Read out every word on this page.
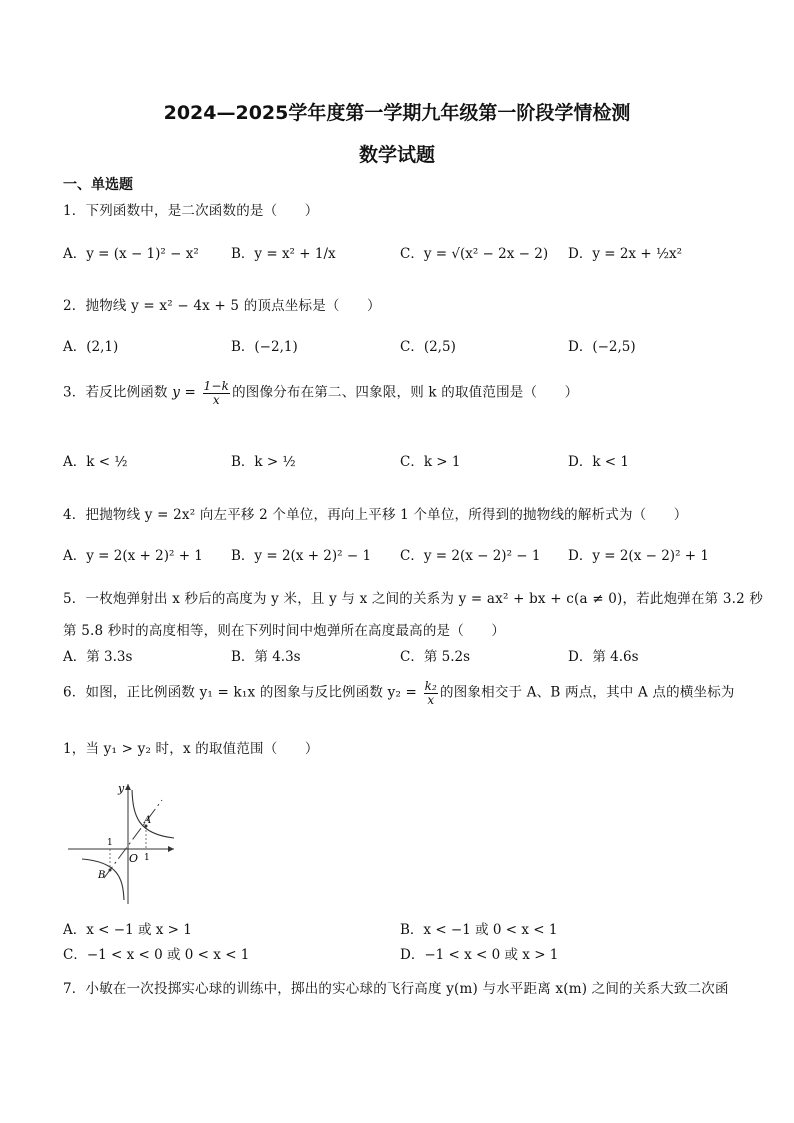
2024—2025学年度第一学期九年级第一阶段学情检测
数学试题
一、单选题
1．下列函数中，是二次函数的是（　　）
A．y = (x − 1)² − x² B．y = x² + 1/x	C．y = √(x² − 2x − 2) D．y = 2x + ½x²
2．抛物线 y = x² − 4x + 5 的顶点坐标是（　　）
A．(2,1)	B．(−2,1)	C．(2,5)	D．(−2,5)
3．若反比例函数 $y = \frac{1-k}{x}$ 的图像分布在第二、四象限，则 k 的取值范围是（　　）
A．k < ½	B．k > ½	C．k > 1	D．k < 1
4．把抛物线 y = 2x² 向左平移 2 个单位，再向上平移 1 个单位，所得到的抛物线的解析式为（　　）
A．y = 2(x + 2)² + 1 B．y = 2(x + 2)² − 1 C．y = 2(x − 2)² − 1 D．y = 2(x − 2)² + 1
5．一枚炮弹射出 x 秒后的高度为 y 米，且 y 与 x 之间的关系为 y = ax² + bx + c(a ≠ 0)，若此炮弹在第 3.2 秒
第 5.8 秒时的高度相等，则在下列时间中炮弹所在高度最高的是（　　）
A．第 3.3s	B．第 4.3s	C．第 5.2s	D．第 4.6s
6．如图，正比例函数 y₁ = k₁x 的图象与反比例函数 $y_2 = \frac{\text{k₂}}{x}$ 的图象相交于 A、B 两点，其中 A 点的横坐标为
1，当 y₁ > y₂ 时，x 的取值范围（　　）
y
O
A
B
1
1
A．x < −1 或 x > 1	B．x < −1 或 0 < x < 1
C．−1 < x < 0 或 0 < x < 1	D．−1 < x < 0 或 x > 1
7．小敏在一次投掷实心球的训练中，掷出的实心球的飞行高度 y(m) 与水平距离 x(m) 之间的关系大致二次函
